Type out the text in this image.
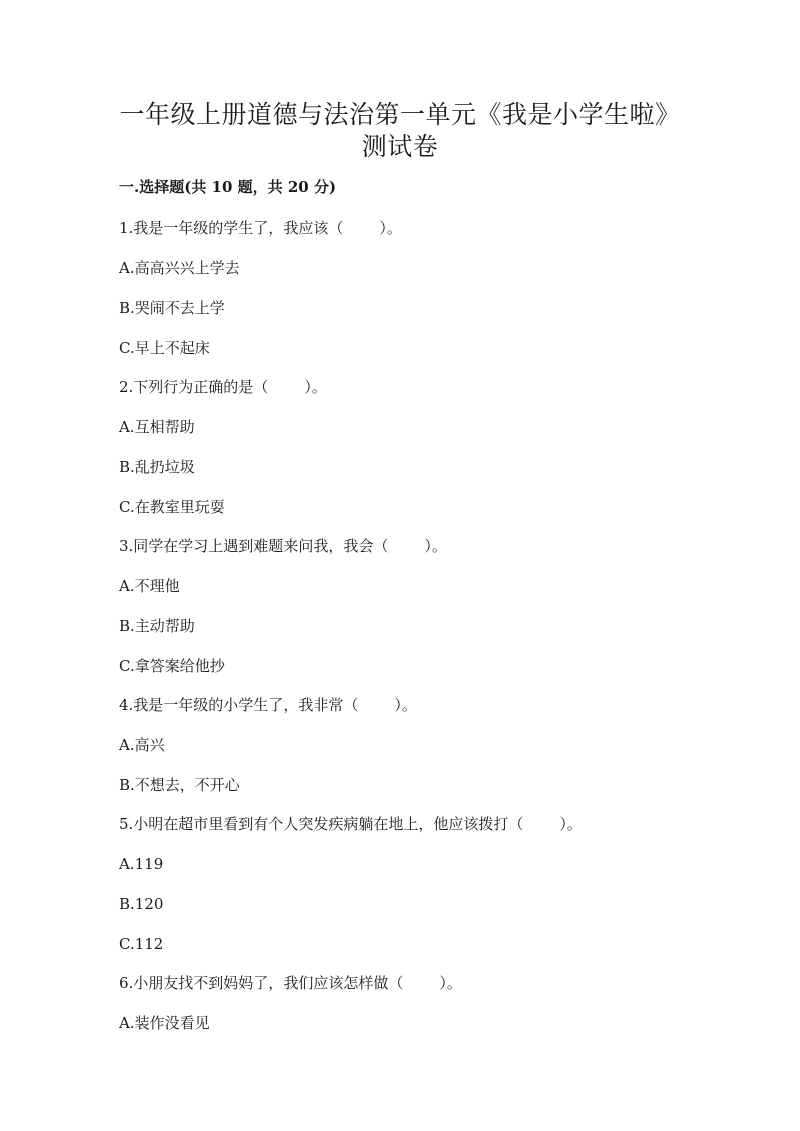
一年级上册道德与法治第一单元《我是小学生啦》
测试卷
一.选择题(共 10 题，共 20 分)
1.我是一年级的学生了，我应该（ ）。
A.高高兴兴上学去
B.哭闹不去上学
C.早上不起床
2.下列行为正确的是（ ）。
A.互相帮助
B.乱扔垃圾
C.在教室里玩耍
3.同学在学习上遇到难题来问我，我会（ ）。
A.不理他
B.主动帮助
C.拿答案给他抄
4.我是一年级的小学生了，我非常（ ）。
A.高兴
B.不想去，不开心
5.小明在超市里看到有个人突发疾病躺在地上，他应该拨打（ ）。
A.119
B.120
C.112
6.小朋友找不到妈妈了，我们应该怎样做（ ）。
A.装作没看见
